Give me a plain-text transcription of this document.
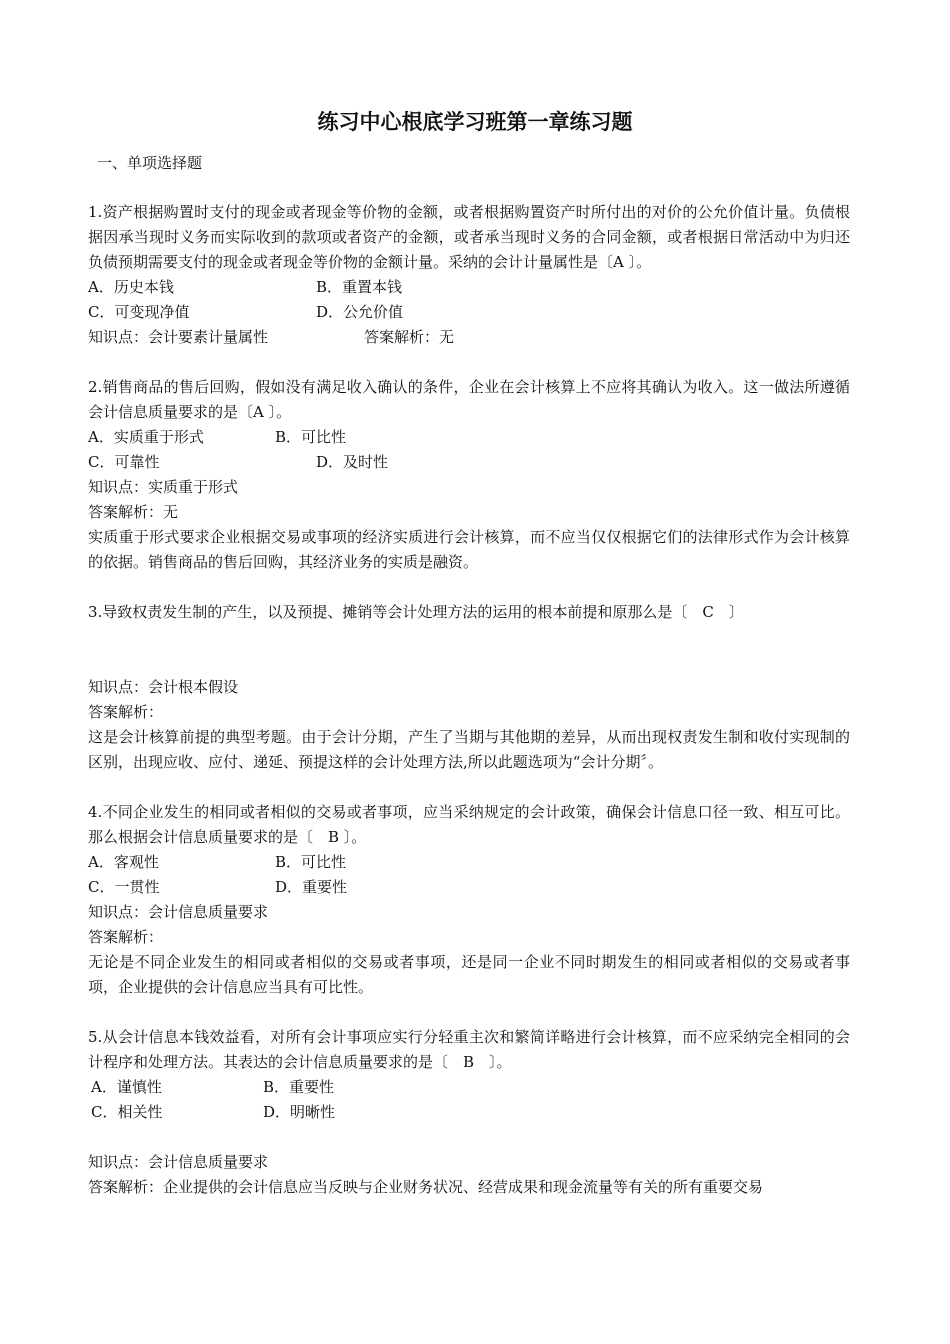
练习中心根底学习班第一章练习题
一、单项选择题

1.资产根据购置时支付的现金或者现金等价物的金额，或者根据购置资产时所付出的对价的公允价值计量。负债根据因承当现时义务而实际收到的款项或者资产的金额，或者承当现时义务的合同金额，或者根据日常活动中为归还负债预期需要支付的现金或者现金等价物的金额计量。采纳的会计计量属性是〔A 〕。

A．历史本钱	B．重置本钱
C．可变现净值	D．公允价值
知识点：会计要素计量属性	答案解析：无

2.销售商品的售后回购，假如没有满足收入确认的条件，企业在会计核算上不应将其确认为收入。这一做法所遵循会计信息质量要求的是〔A 〕。

A．实质重于形式	B．可比性
C．可靠性	D．及时性

知识点：实质重于形式

答案解析：无

实质重于形式要求企业根据交易或事项的经济实质进行会计核算，而不应当仅仅根据它们的法律形式作为会计核算的依据。销售商品的售后回购，其经济业务的实质是融资。

3.导致权责发生制的产生，以及预提、摊销等会计处理方法的运用的根本前提和原那么是〔　C　〕

知识点：会计根本假设

答案解析：

这是会计核算前提的典型考题。由于会计分期，产生了当期与其他期的差异，从而出现权责发生制和收付实现制的区别，出现应收、应付、递延、预提这样的会计处理方法,所以此题选项为“会计分期〞。

4.不同企业发生的相同或者相似的交易或者事项，应当采纳规定的会计政策，确保会计信息口径一致、相互可比。那么根据会计信息质量要求的是〔　B 〕。

A．客观性	B．可比性
C．一贯性	D．重要性

知识点：会计信息质量要求

答案解析：

无论是不同企业发生的相同或者相似的交易或者事项，还是同一企业不同时期发生的相同或者相似的交易或者事项，企业提供的会计信息应当具有可比性。

5.从会计信息本钱效益看，对所有会计事项应实行分轻重主次和繁简详略进行会计核算，而不应采纳完全相同的会计程序和处理方法。其表达的会计信息质量要求的是〔　B　〕。

A．谨慎性	B．重要性
C．相关性	D．明晰性

知识点：会计信息质量要求

答案解析：企业提供的会计信息应当反映与企业财务状况、经营成果和现金流量等有关的所有重要交易
